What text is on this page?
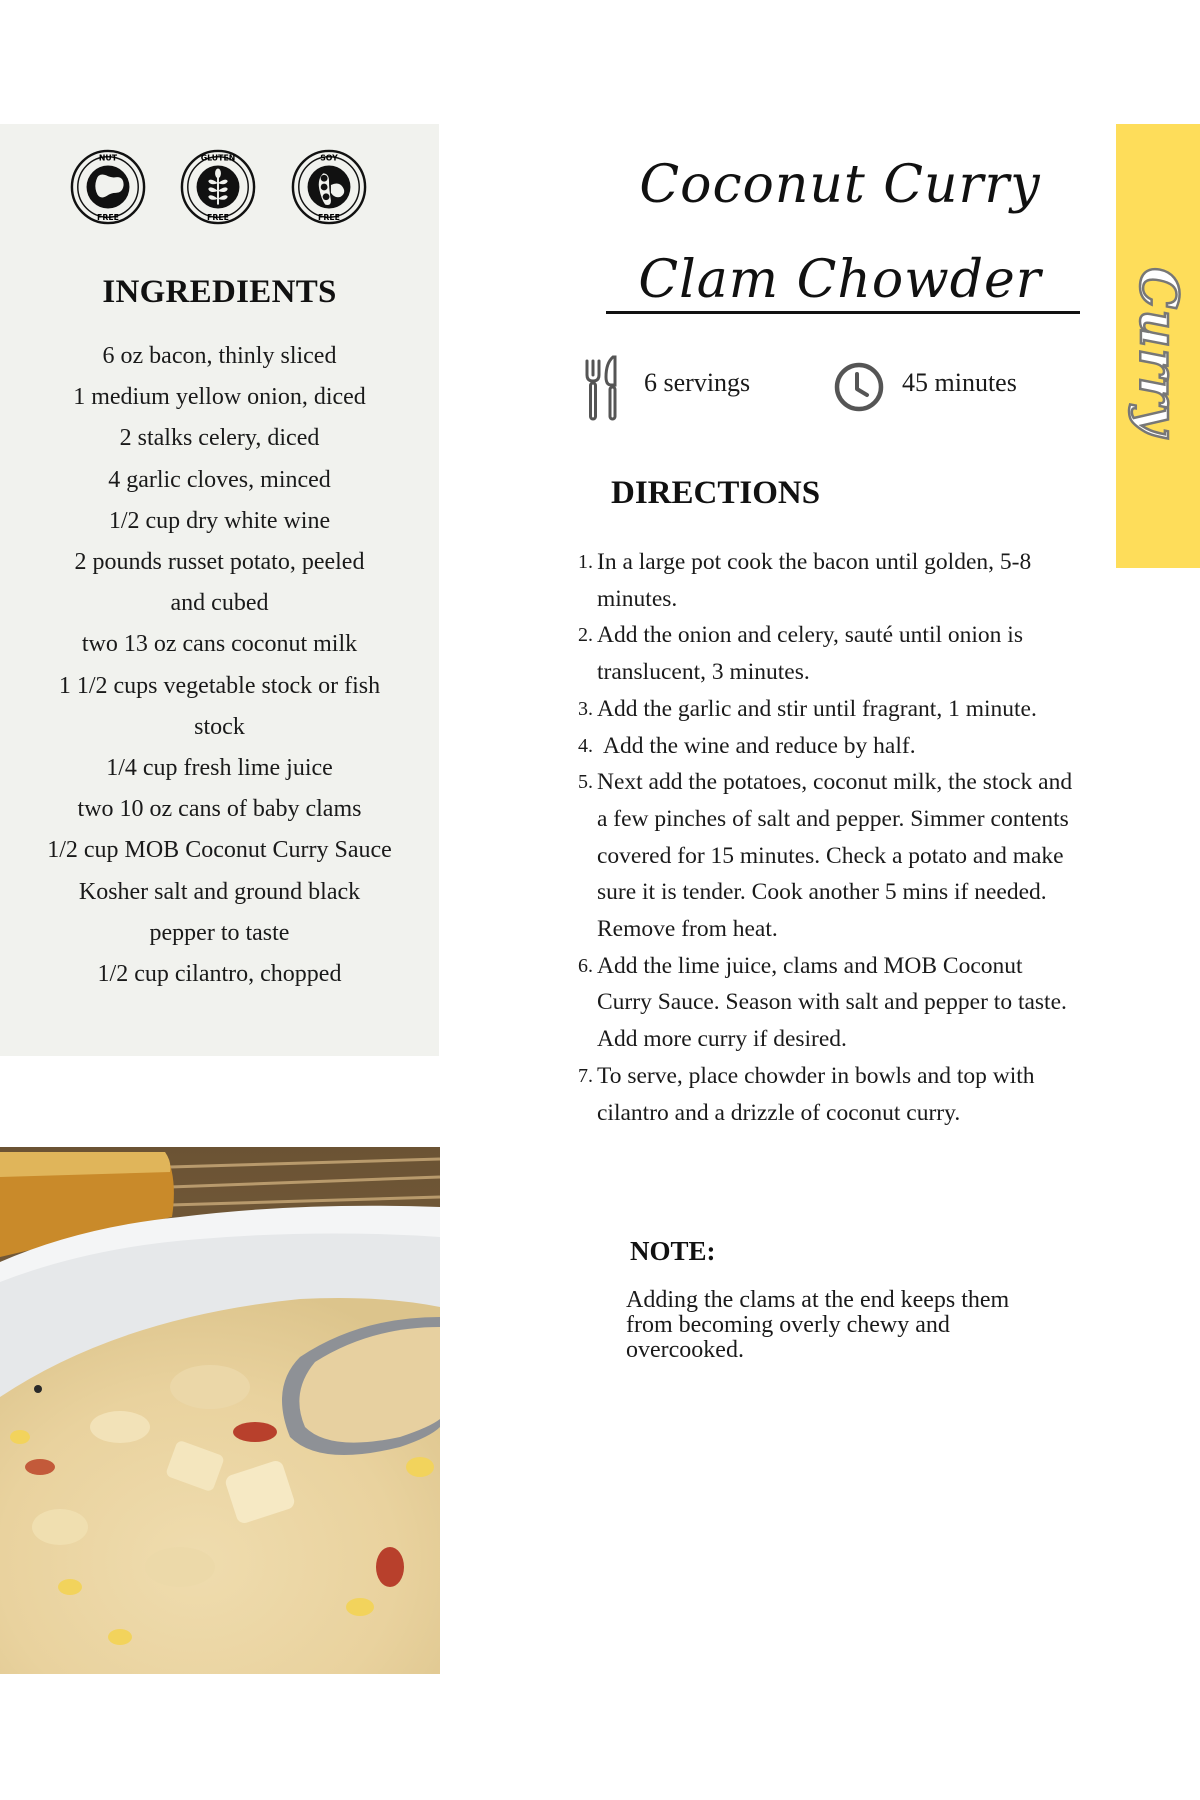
NUT
FREE
GLUTEN
FREE
SOY
FREE
INGREDIENTS
6 oz bacon, thinly sliced
1 medium yellow onion, diced
2 stalks celery, diced
4 garlic cloves, minced
1/2 cup dry white wine
2 pounds russet potato, peeled
and cubed
two 13 oz cans coconut milk
1 1/2 cups vegetable stock or fish
stock
1/4 cup fresh lime juice
two 10 oz cans of baby clams
1/2 cup MOB Coconut Curry Sauce
Kosher salt and ground black
pepper to taste
1/2 cup cilantro, chopped
Coconut Curry
Clam Chowder
6 servings	45 minutes
DIRECTIONS
1. In a large pot cook the bacon until golden, 5-8 minutes.
2. Add the onion and celery, sauté until onion is translucent, 3 minutes.
3. Add the garlic and stir until fragrant, 1 minute.
4. Add the wine and reduce by half.
5. Next add the potatoes, coconut milk, the stock and a few pinches of salt and pepper. Simmer contents covered for 15 minutes. Check a potato and make sure it is tender. Cook another 5 mins if needed. Remove from heat.
6. Add the lime juice, clams and MOB Coconut Curry Sauce. Season with salt and pepper to taste. Add more curry if desired.
7. To serve, place chowder in bowls and top with cilantro and a drizzle of coconut curry.
NOTE:
Adding the clams at the end keeps them from becoming overly chewy and overcooked.
Curry
